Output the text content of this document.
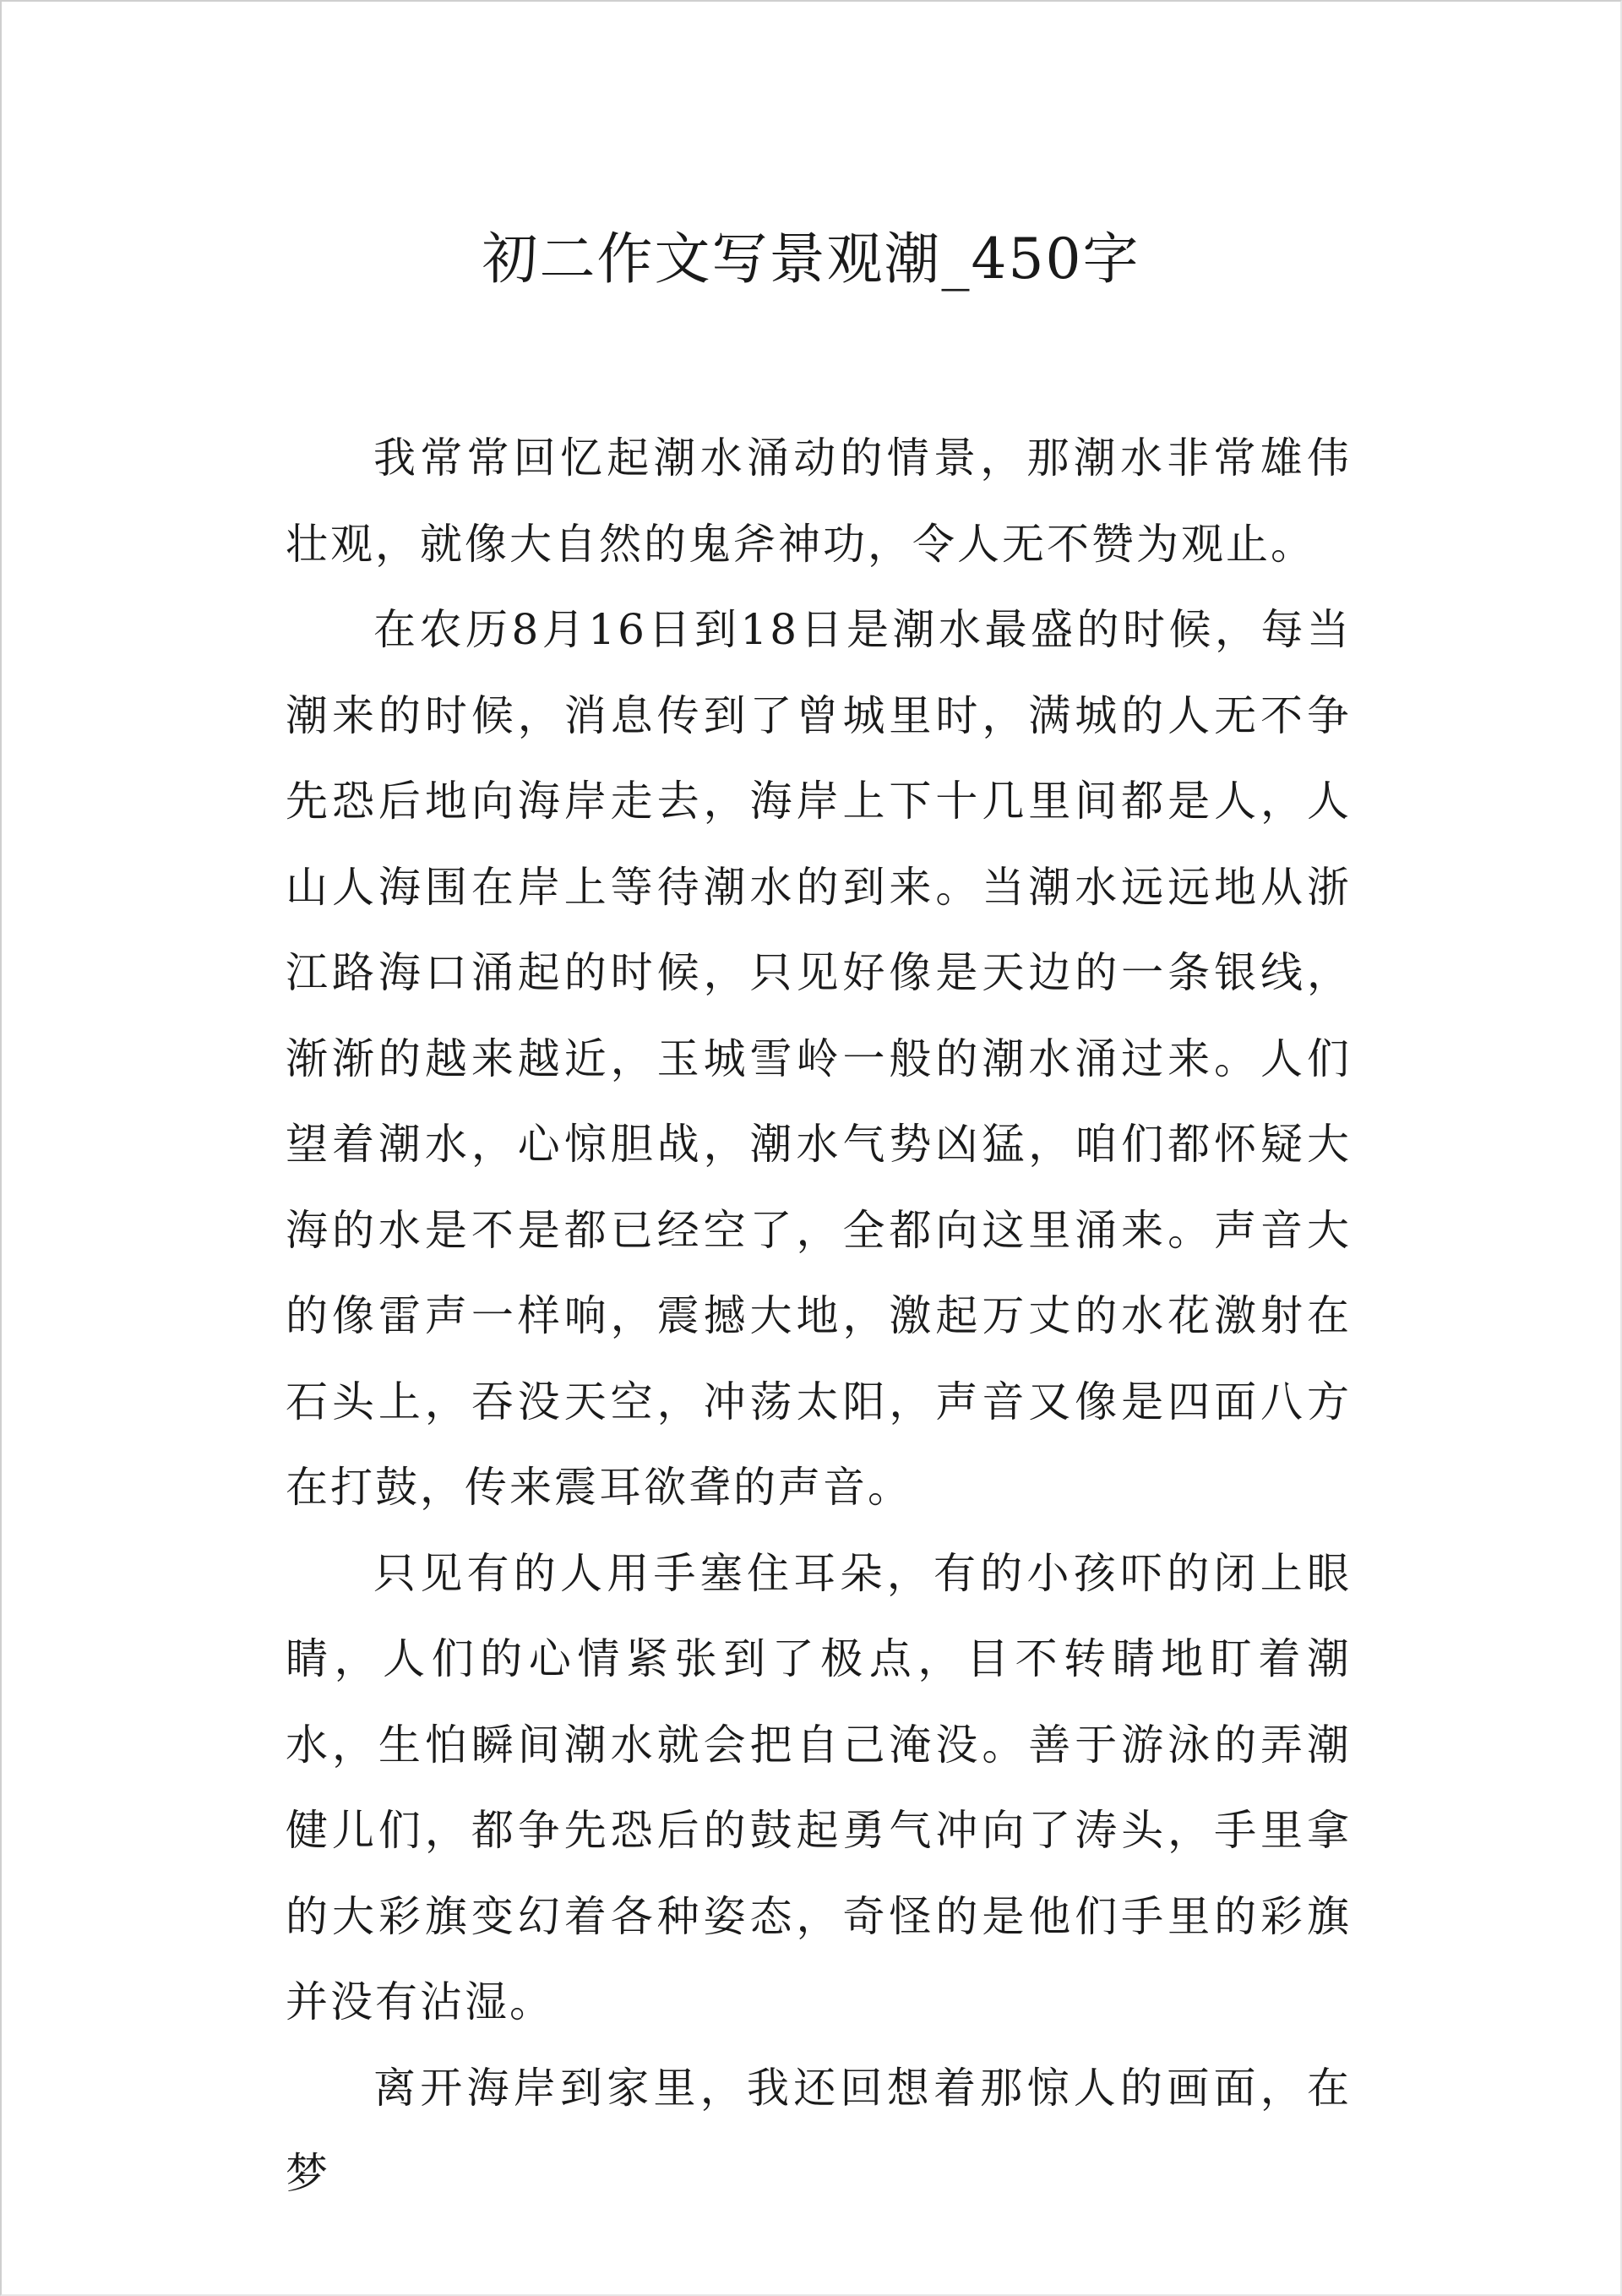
初二作文写景观潮_450字

我常常回忆起潮水涌动的情景，那潮水非常雄伟壮观，就像大自然的鬼斧神功，令人无不赞为观止。

在农历8月16日到18日是潮水最盛的时候，每当潮来的时候，消息传到了曾城里时，满城的人无不争先恐后地向海岸走去，海岸上下十几里间都是人，人山人海围在岸上等待潮水的到来。当潮水远远地从浙江路海口涌起的时候，只见好像是天边的一条银线，渐渐的越来越近，玉城雪岭一般的潮水涌过来。人们望着潮水，心惊胆战，潮水气势凶猛，咱们都怀疑大海的水是不是都已经空了，全都向这里涌来。声音大的像雷声一样响，震撼大地，激起万丈的水花激射在石头上，吞没天空，冲荡太阳，声音又像是四面八方在打鼓，传来震耳欲聋的声音。

只见有的人用手塞住耳朵，有的小孩吓的闭上眼睛，人们的心情紧张到了极点，目不转睛地盯着潮水，生怕瞬间潮水就会把自己淹没。善于游泳的弄潮健儿们，都争先恐后的鼓起勇气冲向了涛头，手里拿的大彩旗变幻着各种姿态，奇怪的是他们手里的彩旗并没有沾湿。

离开海岸到家里，我还回想着那惊人的画面，在梦
